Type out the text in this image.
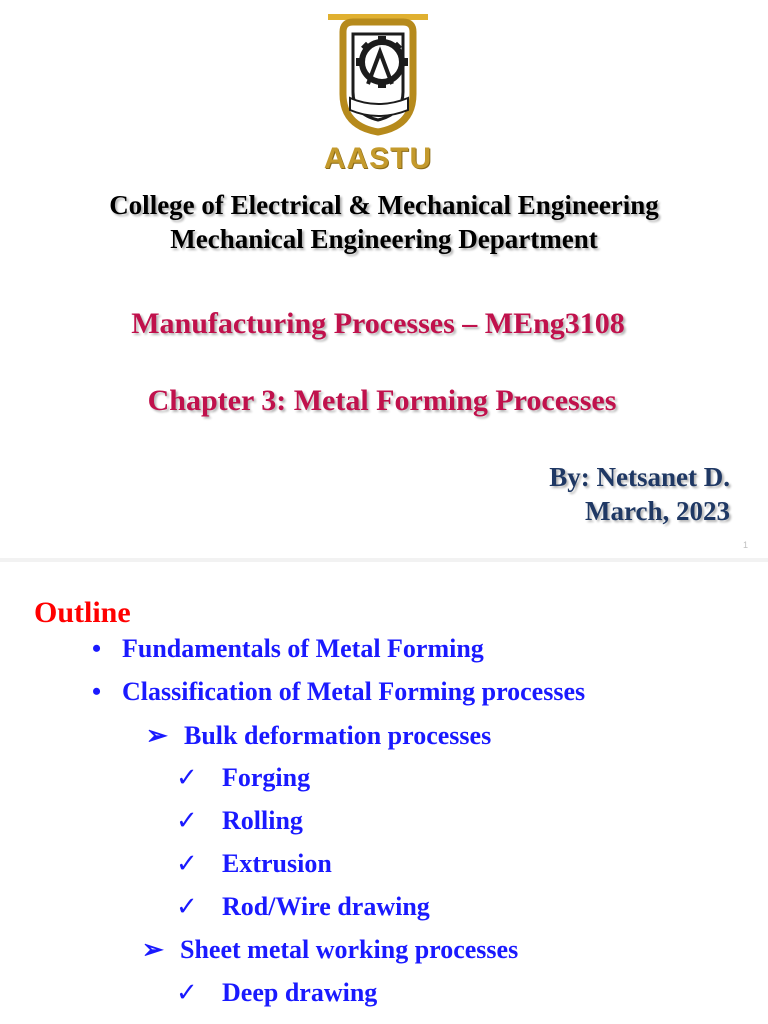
AASTU
College of Electrical & Mechanical Engineering
Mechanical Engineering Department
Manufacturing Processes – MEng3108
Chapter 3: Metal Forming Processes
By: Netsanet D.
March, 2023
1
Outline
• Fundamentals of Metal Forming
• Classification of Metal Forming processes
➢ Bulk deformation processes
✓ Forging
✓ Rolling
✓ Extrusion
✓ Rod/Wire drawing
➢ Sheet metal working processes
✓ Deep drawing
